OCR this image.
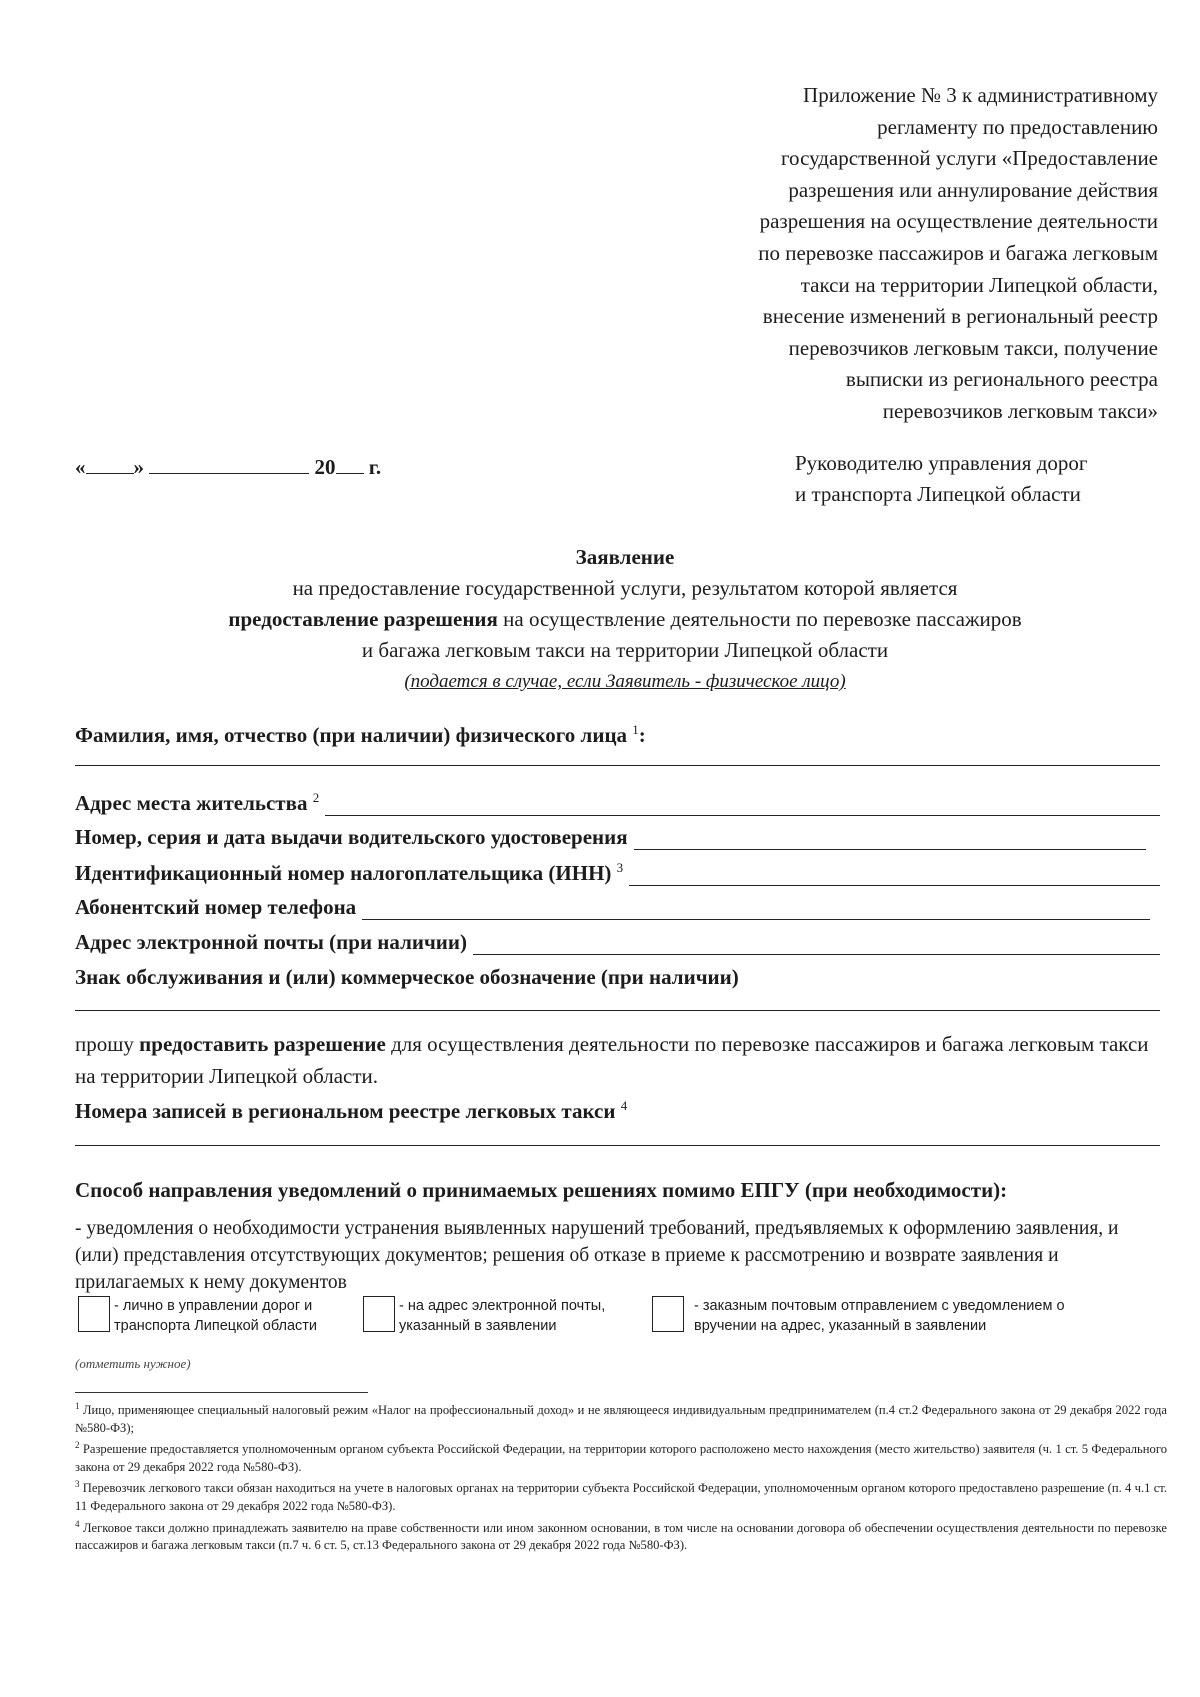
Приложение № 3 к административному
регламенту по предоставлению
государственной услуги «Предоставление
разрешения или аннулирование действия
разрешения на осуществление деятельности
по перевозке пассажиров и багажа легковым
такси на территории Липецкой области,
внесение изменений в региональный реестр
перевозчиков легковым такси, получение
выписки из регионального реестра
перевозчиков легковым такси»
« »	20 г.	Руководителю управления дорог
и транспорта Липецкой области
Заявление
на предоставление государственной услуги, результатом которой является
предоставление разрешения на осуществление деятельности по перевозке пассажиров
и багажа легковым такси на территории Липецкой области
(подается в случае, если Заявитель - физическое лицо)
Фамилия, имя, отчество (при наличии) физического лица $^1$:
Адрес места жительства $^2$
Номер, серия и дата выдачи водительского удостоверения
Идентификационный номер налогоплательщика (ИНН) $^3$
Абонентский номер телефона
Адрес электронной почты (при наличии)
Знак обслуживания и (или) коммерческое обозначение (при наличии)
прошу предоставить разрешение для осуществления деятельности по перевозке пассажиров и багажа легковым такси на территории Липецкой области.
Номера записей в региональном реестре легковых такси $^4$
Способ направления уведомлений о принимаемых решениях помимо ЕПГУ (при необходимости):
- уведомления о необходимости устранения выявленных нарушений требований, предъявляемых к оформлению заявления, и (или) представления отсутствующих документов; решения об отказе в приеме к рассмотрению и возврате заявления и прилагаемых к нему документов
- лично в управлении дорог и
транспорта Липецкой области
- на адрес электронной почты,
указанный в заявлении
- заказным почтовым отправлением с уведомлением о
вручении на адрес, указанный в заявлении
(отметить нужное)

$^1$ Лицо, применяющее специальный налоговый режим «Налог на профессиональный доход» и не являющееся индивидуальным предпринимателем (п.4 ст.2 Федерального закона от 29 декабря 2022 года №580-ФЗ);

$^2$ Разрешение предоставляется уполномоченным органом субъекта Российской Федерации, на территории которого расположено место нахождения (место жительство) заявителя (ч. 1 ст. 5 Федерального закона от 29 декабря 2022 года №580-ФЗ).

$^3$ Перевозчик легкового такси обязан находиться на учете в налоговых органах на территории субъекта Российской Федерации, уполномоченным органом которого предоставлено разрешение (п. 4 ч.1 ст. 11 Федерального закона от 29 декабря 2022 года №580-ФЗ).

$^4$ Легковое такси должно принадлежать заявителю на праве собственности или ином законном основании, в том числе на основании договора об обеспечении осуществления деятельности по перевозке пассажиров и багажа легковым такси (п.7 ч. 6 ст. 5, ст.13 Федерального закона от 29 декабря 2022 года №580-ФЗ).
